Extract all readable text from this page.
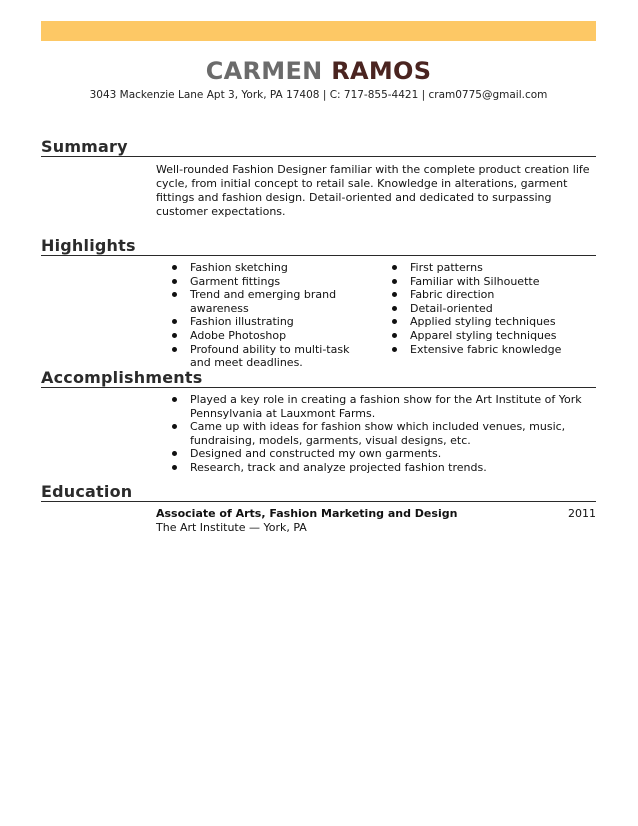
CARMEN RAMOS
3043 Mackenzie Lane Apt 3, York, PA 17408 | C: 717-855-4421 | cram0775@gmail.com
Summary
Well-rounded Fashion Designer familiar with the complete product creation life cycle, from initial concept to retail sale. Knowledge in alterations, garment fittings and fashion design. Detail-oriented and dedicated to surpassing customer expectations.
Highlights
Fashion sketching
Garment fittings
Trend and emerging brand awareness
Fashion illustrating
Adobe Photoshop
Profound ability to multi-task and meet deadlines.
First patterns
Familiar with Silhouette
Fabric direction
Detail-oriented
Applied styling techniques
Apparel styling techniques
Extensive fabric knowledge
Accomplishments
Played a key role in creating a fashion show for the Art Institute of York Pennsylvania at Lauxmont Farms.
Came up with ideas for fashion show which included venues, music, fundraising, models, garments, visual designs, etc.
Designed and constructed my own garments.
Research, track and analyze projected fashion trends.
Education
Associate of Arts, Fashion Marketing and Design	2011
The Art Institute — York, PA
